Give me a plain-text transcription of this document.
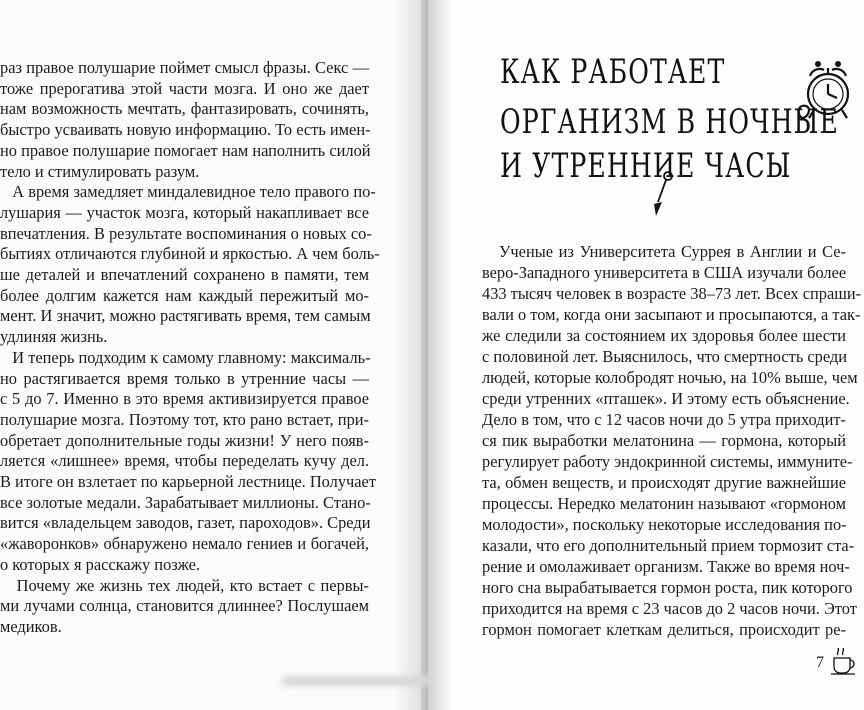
раз правое полушарие поймет смысл фразы. Секс —
тоже прерогатива этой части мозга. И оно же дает
нам возможность мечтать, фантазировать, сочинять,
быстро усваивать новую информацию. То есть имен-
но правое полушарие помогает нам наполнить силой
тело и стимулировать разум.
А время замедляет миндалевидное тело правого по-
лушария — участок мозга, который накапливает все
впечатления. В результате воспоминания о новых со-
бытиях отличаются глубиной и яркостью. А чем боль-
ше деталей и впечатлений сохранено в памяти, тем
более долгим кажется нам каждый пережитый мо-
мент. И значит, можно растягивать время, тем самым
удлиняя жизнь.
И теперь подходим к самому главному: максималь-
но растягивается время только в утренние часы —
с 5 до 7. Именно в это время активизируется правое
полушарие мозга. Поэтому тот, кто рано встает, при-
обретает дополнительные годы жизни! У него появ-
ляется «лишнее» время, чтобы переделать кучу дел.
В итоге он взлетает по карьерной лестнице. Получает
все золотые медали. Зарабатывает миллионы. Стано-
вится «владельцем заводов, газет, пароходов». Среди
«жаворонков» обнаружено немало гениев и богачей,
о которых я расскажу позже.
Почему же жизнь тех людей, кто встает с первы-
ми лучами солнца, становится длиннее? Послушаем
медиков.
КАК РАБОТАЕТ
ОРГАНИЗМ В НОЧНЫЕ
И УТРЕННИЕ ЧАСЫ
7
Ученые из Университета Суррея в Англии и Се-
веро-Западного университета в США изучали более
433 тысяч человек в возрасте 38–73 лет. Всех спраши-
вали о том, когда они засыпают и просыпаются, а так-
же следили за состоянием их здоровья более шести
с половиной лет. Выяснилось, что смертность среди
людей, которые колобродят ночью, на 10% выше, чем
среди утренних «пташек». И этому есть объяснение.
Дело в том, что с 12 часов ночи до 5 утра приходит-
ся пик выработки мелатонина — гормона, который
регулирует работу эндокринной системы, иммуните-
та, обмен веществ, и происходят другие важнейшие
процессы. Нередко мелатонин называют «гормоном
молодости», поскольку некоторые исследования по-
казали, что его дополнительный прием тормозит ста-
рение и омолаживает организм. Также во время ноч-
ного сна вырабатывается гормон роста, пик которого
приходится на время с 23 часов до 2 часов ночи. Этот
гормон помогает клеткам делиться, происходит ре-
